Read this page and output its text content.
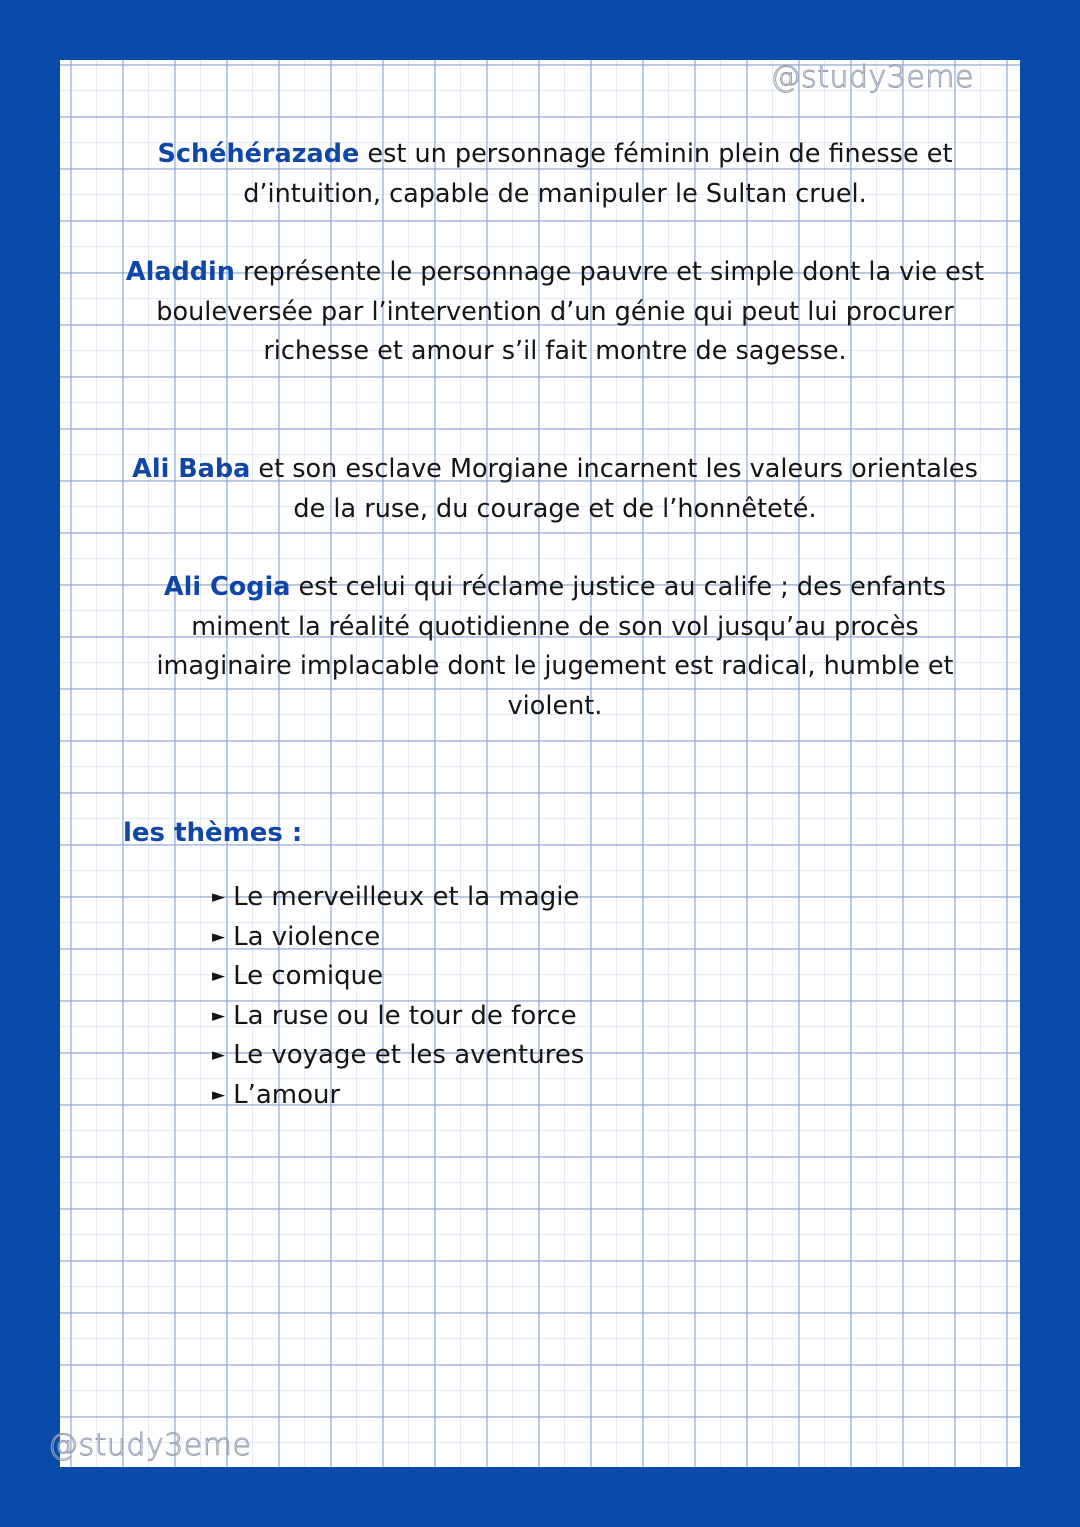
@study3eme

Schéhérazade est un personnage féminin plein de finesse et d’intuition, capable de manipuler le Sultan cruel.

Aladdin représente le personnage pauvre et simple dont la vie est bouleversée par l’intervention d’un génie qui peut lui procurer richesse et amour s’il fait montre de sagesse.

Ali Baba et son esclave Morgiane incarnent les valeurs orientales de la ruse, du courage et de l’honnêteté.

Ali Cogia est celui qui réclame justice au calife ; des enfants miment la réalité quotidienne de son vol jusqu’au procès imaginaire implacable dont le jugement est radical, humble et violent.

les thèmes :
► Le merveilleux et la magie
► La violence
► Le comique
► La ruse ou le tour de force
► Le voyage et les aventures
► L’amour
@study3eme
